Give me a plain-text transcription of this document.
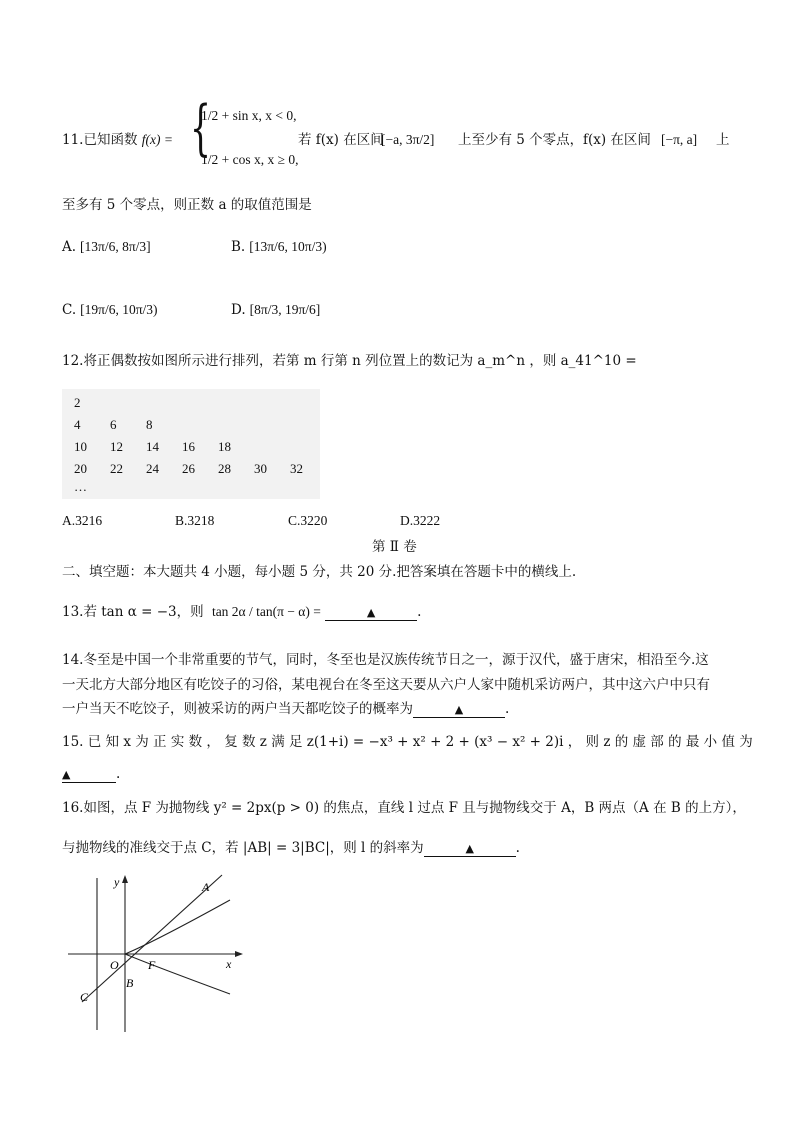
11.已知函数 f(x) = {
1/2 + sin x, x < 0,
1/2 + cos x, x ≥ 0,
若 f(x) 在区间
[−a, 3π/2] 上至少有 5 个零点， f(x) 在区间 [−π, a] 上
至多有 5 个零点，则正数 a 的取值范围是
A. [13π/6, 8π/3]	B. [13π/6, 10π/3)
C. [19π/6, 10π/3)	D. [8π/3, 19π/6]
12.将正偶数按如图所示进行排列，若第 m 行第 n 列位置上的数记为 a_m^n ，则 a_41^10 =
2
4 6 8
10 12 14 16 18
20 22 24 26 28 30 32
…
A.3216	B.3218	C.3220	D.3222
第 Ⅱ 卷
二、填空题：本大题共 4 小题，每小题 5 分，共 20 分.把答案填在答题卡中的横线上.
13.若 tan α = −3，则 tan 2α / tan(π − α) =	▲	.
14.冬至是中国一个非常重要的节气，同时，冬至也是汉族传统节日之一，源于汉代，盛于唐宋，相沿至今.这
一天北方大部分地区有吃饺子的习俗，某电视台在冬至这天要从六户人家中随机采访两户，其中这六户中只有
一户当天不吃饺子，则被采访的两户当天都吃饺子的概率为	▲	.
15. 已 知 x 为 正 实 数 ， 复 数 z 满 足 z(1+i) = −x³ + x² + 2 + (x³ − x² + 2)i ， 则 z 的 虚 部 的 最 小 值 为
▲	.
16.如图，点 F 为抛物线 y² = 2px(p > 0) 的焦点，直线 l 过点 F 且与抛物线交于 A，B 两点（A 在 B 的上方），
与抛物线的准线交于点 C，若 |AB| = 3|BC|，则 l 的斜率为	▲	.
y
x
A
O F
B
C
